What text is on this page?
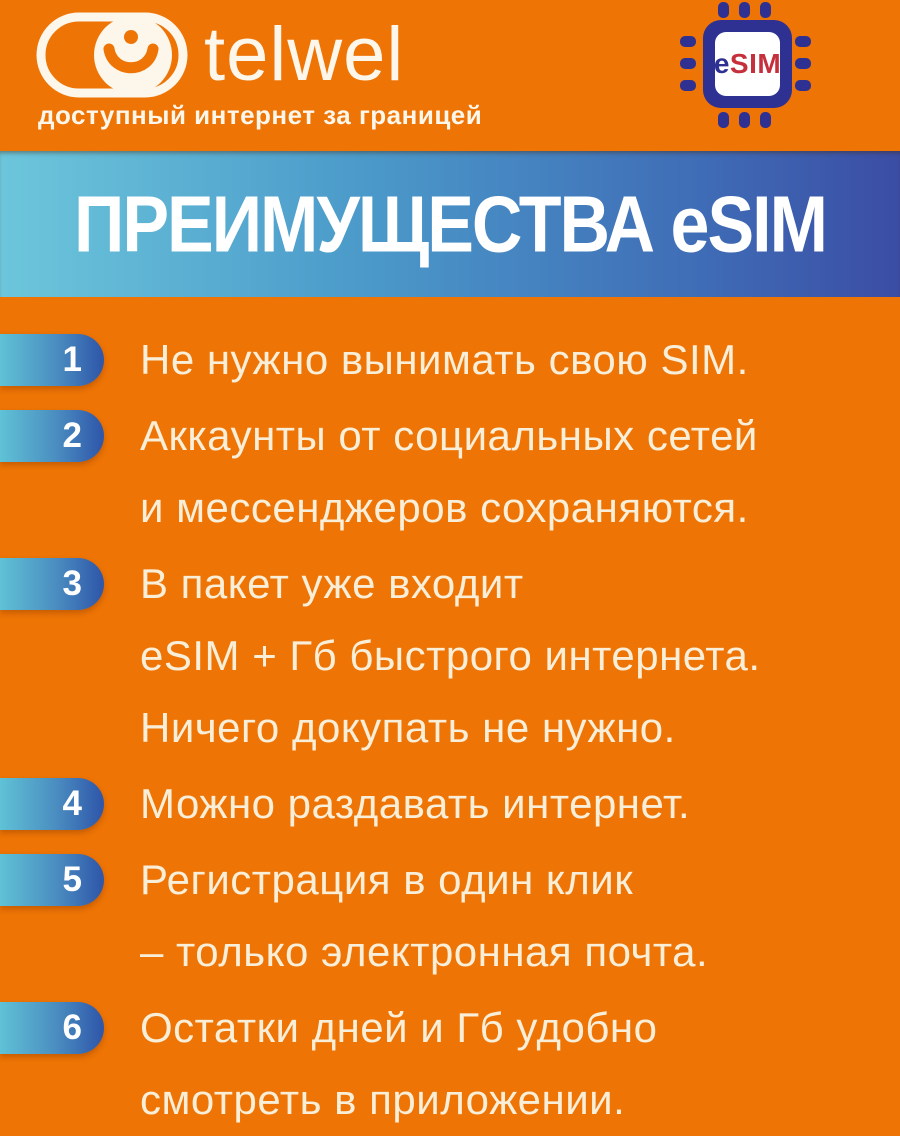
telwel
доступный интернет за границей
e SIM
ПРЕИМУЩЕСТВА eSIM
1 Не нужно вынимать свою SIM.
2 Аккаунты от социальных сетей
и мессенджеров сохраняются.
3 В пакет уже входит
eSIM + Гб быстрого интернета.
Ничего докупать не нужно.
4 Можно раздавать интернет.
5 Регистрация в один клик
– только электронная почта.
6 Остатки дней и Гб удобно
смотреть в приложении.
